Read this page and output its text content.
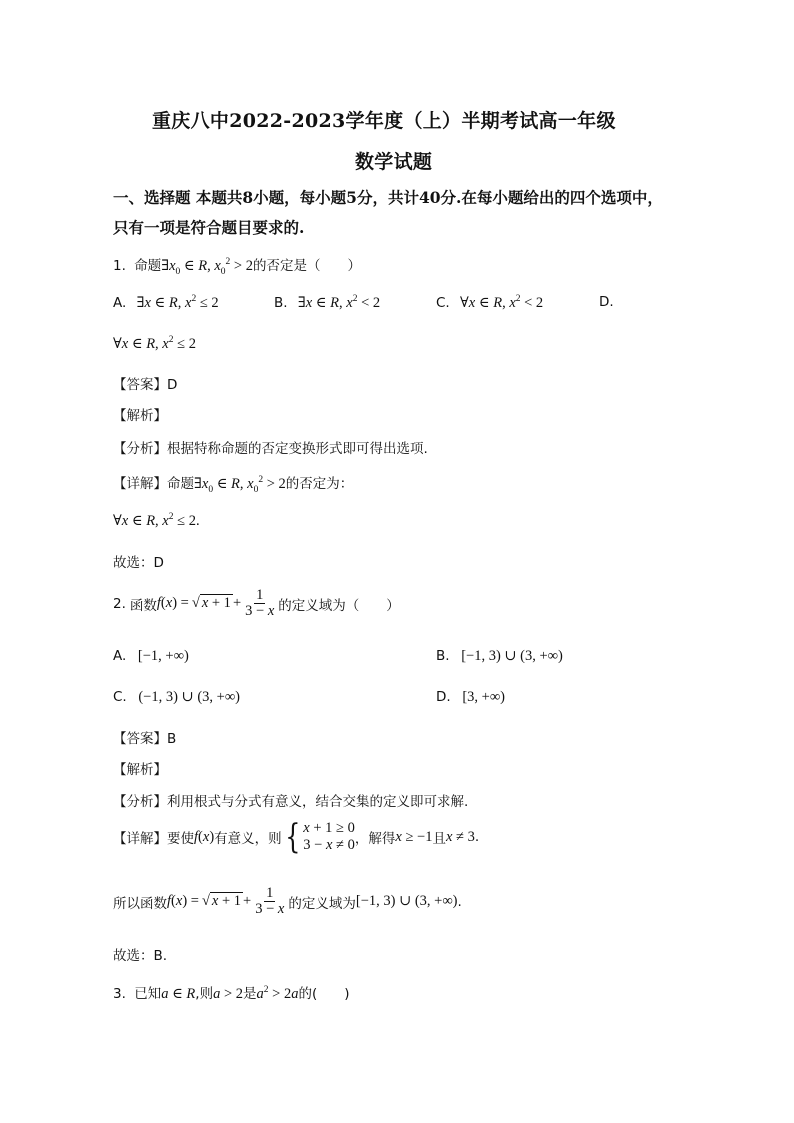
重庆八中2022-2023学年度（上）半期考试高一年级
数学试题
一、选择题 本题共8小题，每小题5分，共计40分.在每小题给出的四个选项中，
只有一项是符合题目要求的.
1. 命题$\exists x_0$ ∈ R, $x_0^2 > 2$的否定是（　　）
A. ∃x ∈ R, $x^2 \le 2$	B. ∃x ∈ R, $x^2 < 2$	C. ∀x ∈ R, $x^2 < 2$	D.
∀x ∈ R, $x^2 \le 2$
【答案】D
【解析】
【分析】根据特称命题的否定变换形式即可得出选项.
【详解】命题$\exists x_0$ ∈ R, $x_0^2 > 2$的否定为：
∀x ∈ R, $x^2 \le 2$.
故选：D
2. 函数 f ( x ) = √ $x + 1 + \frac{1}{3 - x}$ 的定义域为（　　）
A. [−1, +∞)	B. [−1, 3) ∪ (3, +∞)
C. (−1, 3) ∪ (3, +∞)	D. [3, +∞)
【答案】B
【解析】
【分析】利用根式与分式有意义，结合交集的定义即可求解.
【详解】要使 f(x) 有意义，则 { x + 1 ≥ 0
3 − x ≠ 0 ，解得 x ≥ −1 且 x ≠ 3 .
所以函数 f ( x ) = √ $x + 1 + \frac{1}{3 - x}$ 的定义域为 [−1, 3) ∪ (3, +∞) .
故选：B.
3. 已知a ∈ R,则a > 2是$a^2 > 2a$的(　　)
